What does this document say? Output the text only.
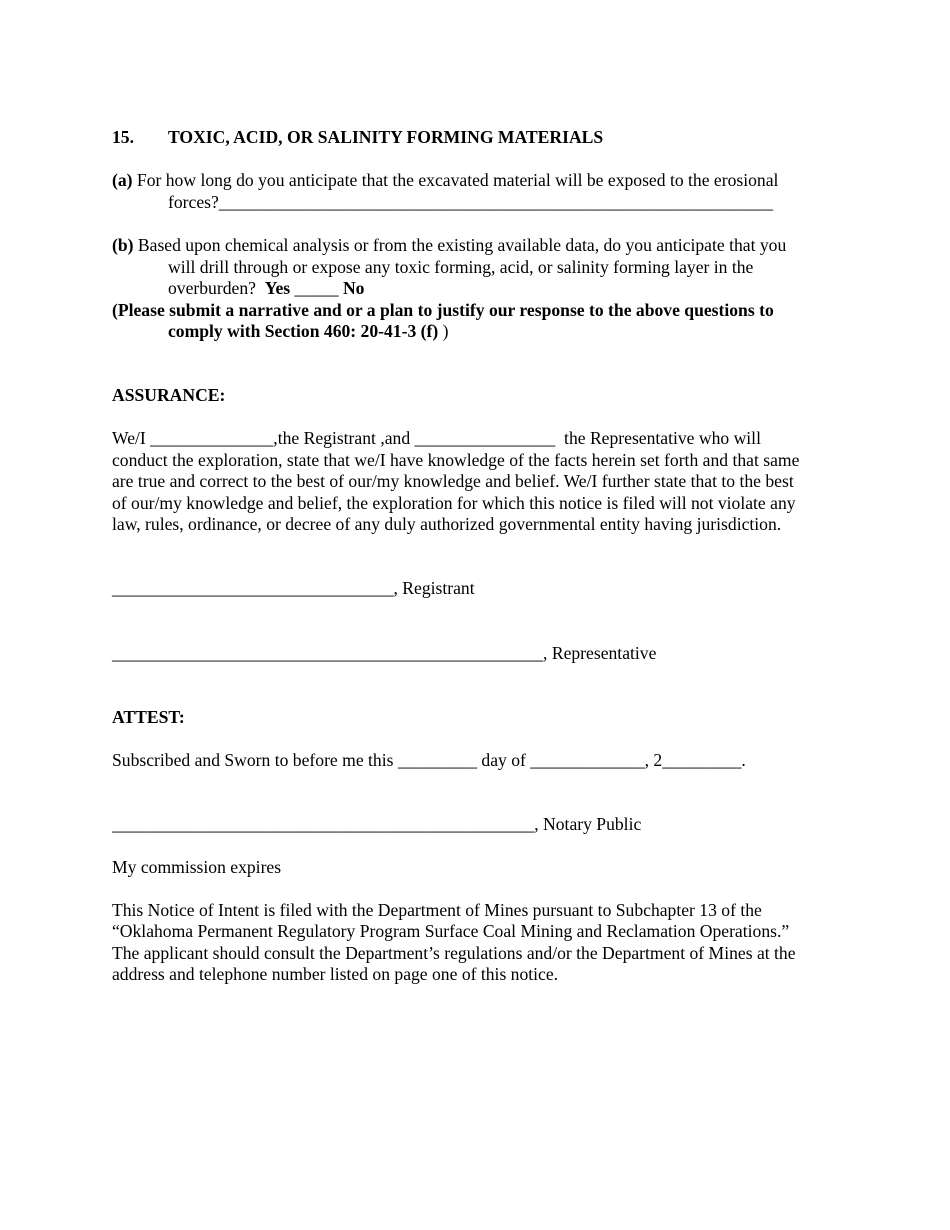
15. TOXIC, ACID, OR SALINITY FORMING MATERIALS
(a) For how long do you anticipate that the excavated material will be exposed to the erosional
forces?_______________________________________________________________
(b) Based upon chemical analysis or from the existing available data, do you anticipate that you
will drill through or expose any toxic forming, acid, or salinity forming layer in the
overburden?  Yes _____ No
(Please submit a narrative and or a plan to justify our response to the above questions to
comply with Section 460: 20-41-3 (f) )
ASSURANCE:
We/I ______________,the Registrant ,and ________________  the Representative who will
conduct the exploration, state that we/I have knowledge of the facts herein set forth and that same
are true and correct to the best of our/my knowledge and belief. We/I further state that to the best
of our/my knowledge and belief, the exploration for which this notice is filed will not violate any
law, rules, ordinance, or decree of any duly authorized governmental entity having jurisdiction.
________________________________, Registrant
_________________________________________________, Representative
ATTEST:
Subscribed and Sworn to before me this _________ day of _____________, 2_________.
________________________________________________, Notary Public
My commission expires
This Notice of Intent is filed with the Department of Mines pursuant to Subchapter 13 of the
“Oklahoma Permanent Regulatory Program Surface Coal Mining and Reclamation Operations.”
The applicant should consult the Department’s regulations and/or the Department of Mines at the
address and telephone number listed on page one of this notice.
